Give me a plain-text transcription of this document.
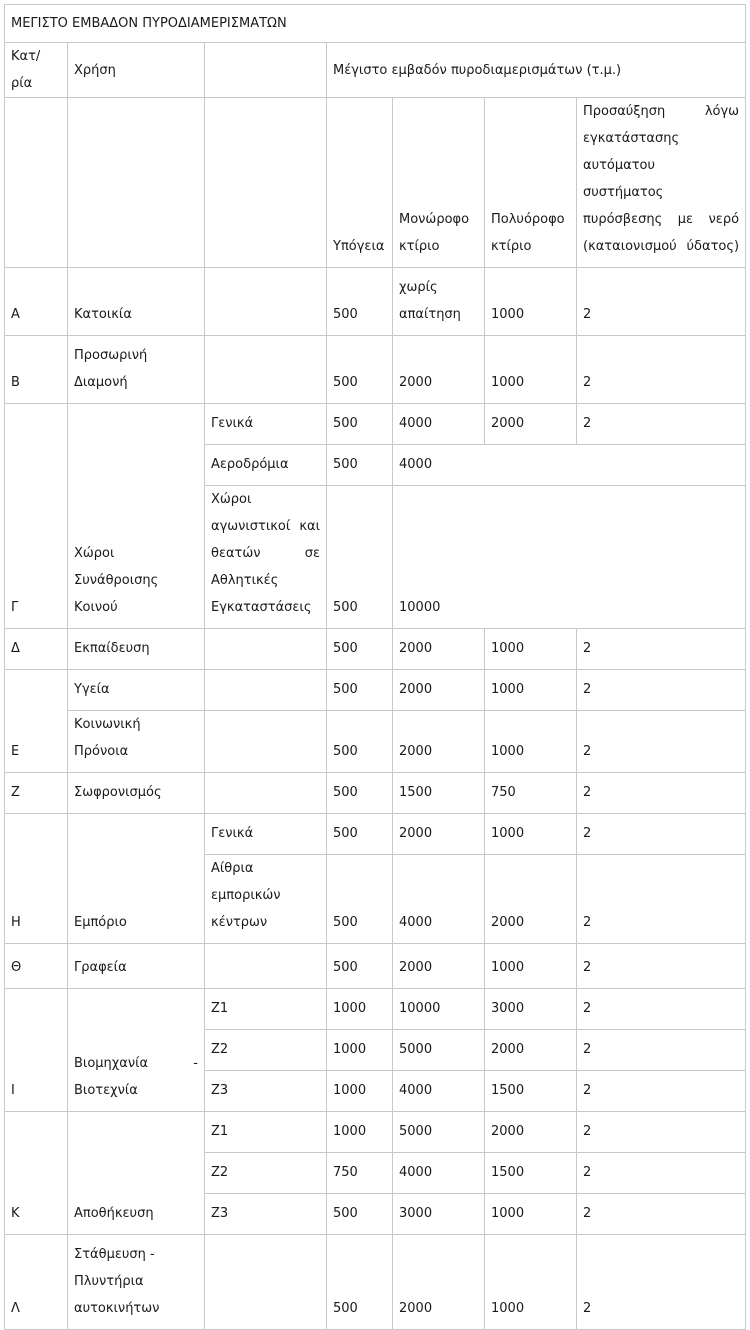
ΜΕΓΙΣΤΟ ΕΜΒΑΔΟΝ ΠΥΡΟΔΙΑΜΕΡΙΣΜΑΤΩΝ						
Κατ/ρία	Χρήση		Μέγιστο εμβαδόν πυροδιαμερισμάτων (τ.μ.)			
			Υπόγεια	Μονώροφο κτίριο	Πολυόροφο κτίριο	Προσαύξηση λόγω εγκατάστασης αυτόματου συστήματος πυρόσβεσης με νερό (καταιονισμού ύδατος)
Α	Κατοικία		500	χωρίς απαίτηση	1000	2
Β	Προσωρινή Διαμονή		500	2000	1000	2
Γ	Χώροι Συνάθροισης Κοινού	Γενικά	500	4000	2000	2
		Αεροδρόμια	500	4000		
		Χώροι αγωνιστικοί και θεατών σε Αθλητικές Εγκαταστάσεις	500	10000		
Δ	Εκπαίδευση		500	2000	1000	2
Ε	Υγεία		500	2000	1000	2
	Κοινωνική Πρόνοια		500	2000	1000	2
Ζ	Σωφρονισμός		500	1500	750	2
Η	Εμπόριο	Γενικά	500	2000	1000	2
		Αίθρια εμπορικών κέντρων	500	4000	2000	2
Θ	Γραφεία		500	2000	1000	2
Ι	Βιομηχανία - Βιοτεχνία	Ζ1	1000	10000	3000	2
		Ζ2	1000	5000	2000	2
		Ζ3	1000	4000	1500	2
Κ	Αποθήκευση	Ζ1	1000	5000	2000	2
		Ζ2	750	4000	1500	2
		Ζ3	500	3000	1000	2
Λ	Στάθμευση - Πλυντήρια αυτοκινήτων		500	2000	1000	2
